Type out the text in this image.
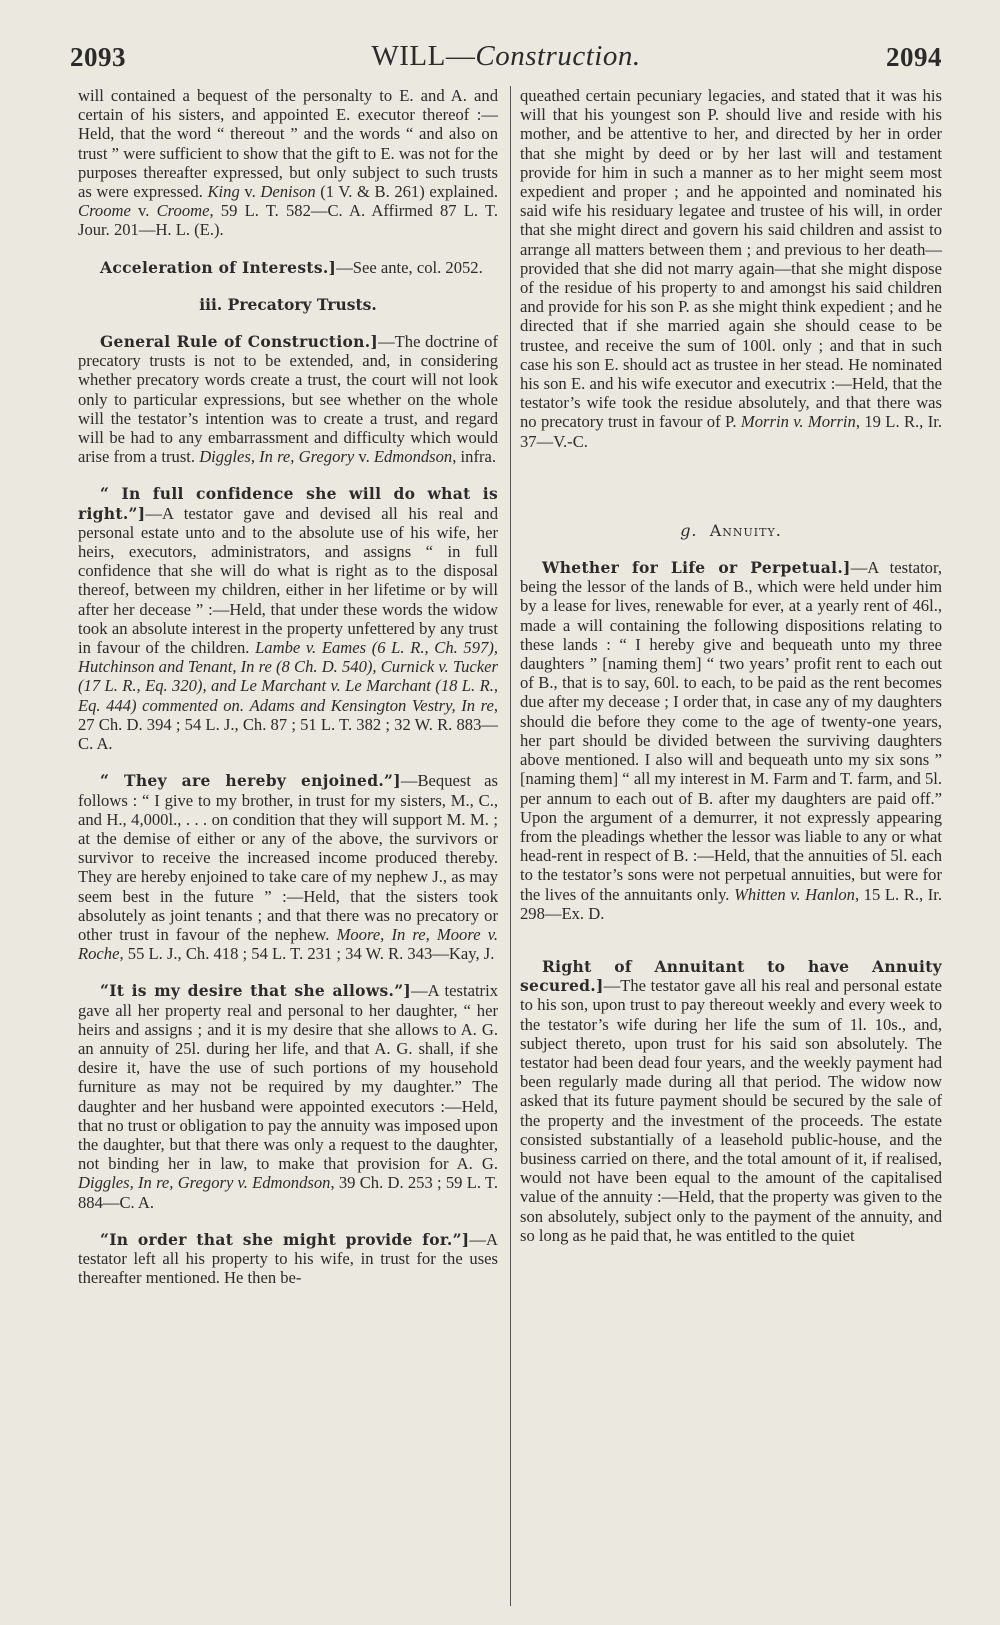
2093	WILL—Construction.	2094

will contained a bequest of the personalty to E. and A. and certain of his sisters, and appointed E. executor thereof :—Held, that the word “ thereout ” and the words “ and also on trust ” were sufficient to show that the gift to E. was not for the purposes thereafter expressed, but only subject to such trusts as were expressed. King v. Denison (1 V. & B. 261) explained. Croome v. Croome, 59 L. T. 582—C. A. Affirmed 87 L. T. Jour. 201—H. L. (E.).

Acceleration of Interests.]—See ante, col. 2052.

iii. Precatory Trusts.

General Rule of Construction.]—The doctrine of precatory trusts is not to be extended, and, in considering whether precatory words create a trust, the court will not look only to particular expressions, but see whether on the whole will the testator’s intention was to create a trust, and regard will be had to any embarrassment and difficulty which would arise from a trust. Diggles, In re, Gregory v. Edmondson, infra.

“ In full confidence she will do what is right.”]—A testator gave and devised all his real and personal estate unto and to the absolute use of his wife, her heirs, executors, administrators, and assigns “ in full confidence that she will do what is right as to the disposal thereof, between my children, either in her lifetime or by will after her decease ” :—Held, that under these words the widow took an absolute interest in the property unfettered by any trust in favour of the children. Lambe v. Eames (6 L. R., Ch. 597), Hutchinson and Tenant, In re (8 Ch. D. 540), Curnick v. Tucker (17 L. R., Eq. 320), and Le Marchant v. Le Marchant (18 L. R., Eq. 444) commented on. Adams and Kensington Vestry, In re, 27 Ch. D. 394 ; 54 L. J., Ch. 87 ; 51 L. T. 382 ; 32 W. R. 883—C. A.

“ They are hereby enjoined.”]—Bequest as follows : “ I give to my brother, in trust for my sisters, M., C., and H., 4,000l., . . . on condition that they will support M. M. ; at the demise of either or any of the above, the survivors or survivor to receive the increased income produced thereby. They are hereby enjoined to take care of my nephew J., as may seem best in the future ” :—Held, that the sisters took absolutely as joint tenants ; and that there was no precatory or other trust in favour of the nephew. Moore, In re, Moore v. Roche, 55 L. J., Ch. 418 ; 54 L. T. 231 ; 34 W. R. 343—Kay, J.

“It is my desire that she allows.”]—A testatrix gave all her property real and personal to her daughter, “ her heirs and assigns ; and it is my desire that she allows to A. G. an annuity of 25l. during her life, and that A. G. shall, if she desire it, have the use of such portions of my household furniture as may not be required by my daughter.” The daughter and her husband were appointed executors :—Held, that no trust or obligation to pay the annuity was imposed upon the daughter, but that there was only a request to the daughter, not binding her in law, to make that provision for A. G. Diggles, In re, Gregory v. Edmondson, 39 Ch. D. 253 ; 59 L. T. 884—C. A.

“In order that she might provide for.”]—A testator left all his property to his wife, in trust for the uses thereafter mentioned. He then be-

queathed certain pecuniary legacies, and stated that it was his will that his youngest son P. should live and reside with his mother, and be attentive to her, and directed by her in order that she might by deed or by her last will and testament provide for him in such a manner as to her might seem most expedient and proper ; and he appointed and nominated his said wife his residuary legatee and trustee of his will, in order that she might direct and govern his said children and assist to arrange all matters between them ; and previous to her death—provided that she did not marry again—that she might dispose of the residue of his property to and amongst his said children and provide for his son P. as she might think expedient ; and he directed that if she married again she should cease to be trustee, and receive the sum of 100l. only ; and that in such case his son E. should act as trustee in her stead. He nominated his son E. and his wife executor and executrix :—Held, that the testator’s wife took the residue absolutely, and that there was no precatory trust in favour of P. Morrin v. Morrin, 19 L. R., Ir. 37—V.-C.

g. Annuity.

Whether for Life or Perpetual.]—A testator, being the lessor of the lands of B., which were held under him by a lease for lives, renewable for ever, at a yearly rent of 46l., made a will containing the following dispositions relating to these lands : “ I hereby give and bequeath unto my three daughters ” [naming them] “ two years’ profit rent to each out of B., that is to say, 60l. to each, to be paid as the rent becomes due after my decease ; I order that, in case any of my daughters should die before they come to the age of twenty-one years, her part should be divided between the surviving daughters above mentioned. I also will and bequeath unto my six sons ” [naming them] “ all my interest in M. Farm and T. farm, and 5l. per annum to each out of B. after my daughters are paid off.” Upon the argument of a demurrer, it not expressly appearing from the pleadings whether the lessor was liable to any or what head-rent in respect of B. :—Held, that the annuities of 5l. each to the testator’s sons were not perpetual annuities, but were for the lives of the annuitants only. Whitten v. Hanlon, 15 L. R., Ir. 298—Ex. D.

Right of Annuitant to have Annuity secured.]—The testator gave all his real and personal estate to his son, upon trust to pay thereout weekly and every week to the testator’s wife during her life the sum of 1l. 10s., and, subject thereto, upon trust for his said son absolutely. The testator had been dead four years, and the weekly payment had been regularly made during all that period. The widow now asked that its future payment should be secured by the sale of the property and the investment of the proceeds. The estate consisted substantially of a leasehold public-house, and the business carried on there, and the total amount of it, if realised, would not have been equal to the amount of the capitalised value of the annuity :—Held, that the property was given to the son absolutely, subject only to the payment of the annuity, and so long as he paid that, he was entitled to the quiet
